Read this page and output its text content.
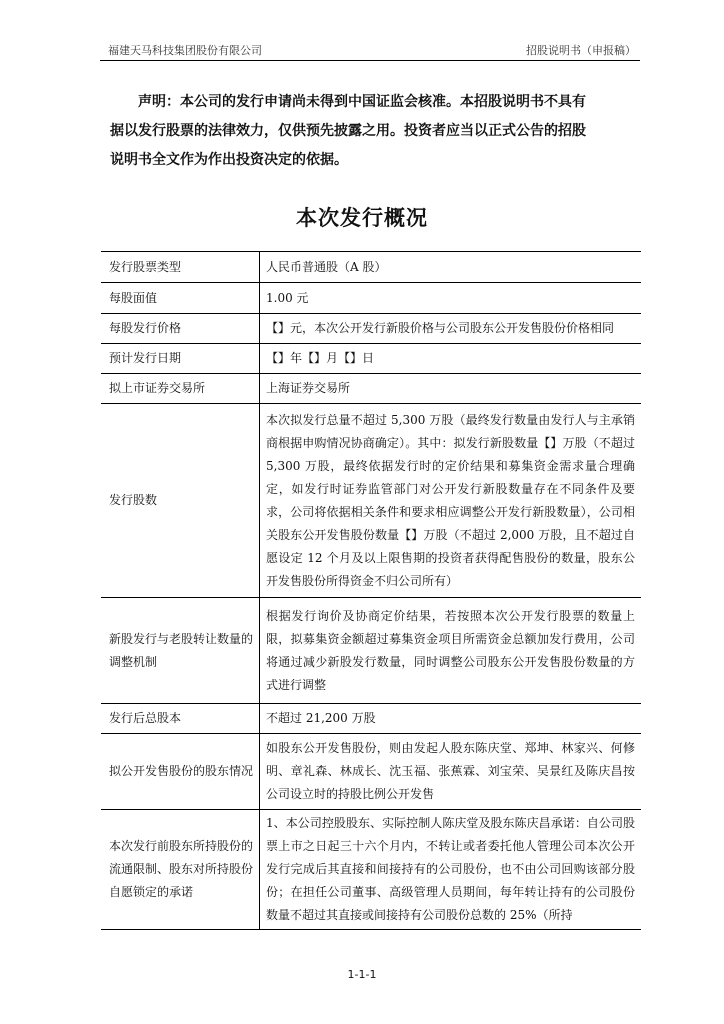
福建天马科技集团股份有限公司	招股说明书（申报稿）
声明：本公司的发行申请尚未得到中国证监会核准。本招股说明书不具有
据以发行股票的法律效力，仅供预先披露之用。投资者应当以正式公告的招股
说明书全文作为作出投资决定的依据。
本次发行概况
发行股票类型	人民币普通股（A 股）
每股面值	1.00 元
每股发行价格	【】元，本次公开发行新股价格与公司股东公开发售股份价格相同
预计发行日期	【】年【】月【】日
拟上市证券交易所	上海证券交易所
发行股数	本次拟发行总量不超过 5,300 万股（最终发行数量由发行人与主承销商根据申购情况协商确定）。其中：拟发行新股数量【】万股（不超过 5,300 万股，最终依据发行时的定价结果和募集资金需求量合理确定，如发行时证券监管部门对公开发行新股数量存在不同条件及要求，公司将依据相关条件和要求相应调整公开发行新股数量），公司相关股东公开发售股份数量【】万股（不超过 2,000 万股，且不超过自愿设定 12 个月及以上限售期的投资者获得配售股份的数量，股东公开发售股份所得资金不归公司所有）
新股发行与老股转让数量的调整机制	根据发行询价及协商定价结果，若按照本次公开发行股票的数量上限，拟募集资金额超过募集资金项目所需资金总额加发行费用，公司将通过减少新股发行数量，同时调整公司股东公开发售股份数量的方式进行调整
发行后总股本	不超过 21,200 万股
拟公开发售股份的股东情况	如股东公开发售股份，则由发起人股东陈庆堂、郑坤、林家兴、何修明、章礼森、林成长、沈玉福、张蕉霖、刘宝荣、吴景红及陈庆昌按公司设立时的持股比例公开发售
本次发行前股东所持股份的流通限制、股东对所持股份自愿锁定的承诺	1、本公司控股股东、实际控制人陈庆堂及股东陈庆昌承诺：自公司股票上市之日起三十六个月内，不转让或者委托他人管理公司本次公开发行完成后其直接和间接持有的公司股份，也不由公司回购该部分股份；在担任公司董事、高级管理人员期间，每年转让持有的公司股份数量不超过其直接或间接持有公司股份总数的 25%（所持
1-1-1
